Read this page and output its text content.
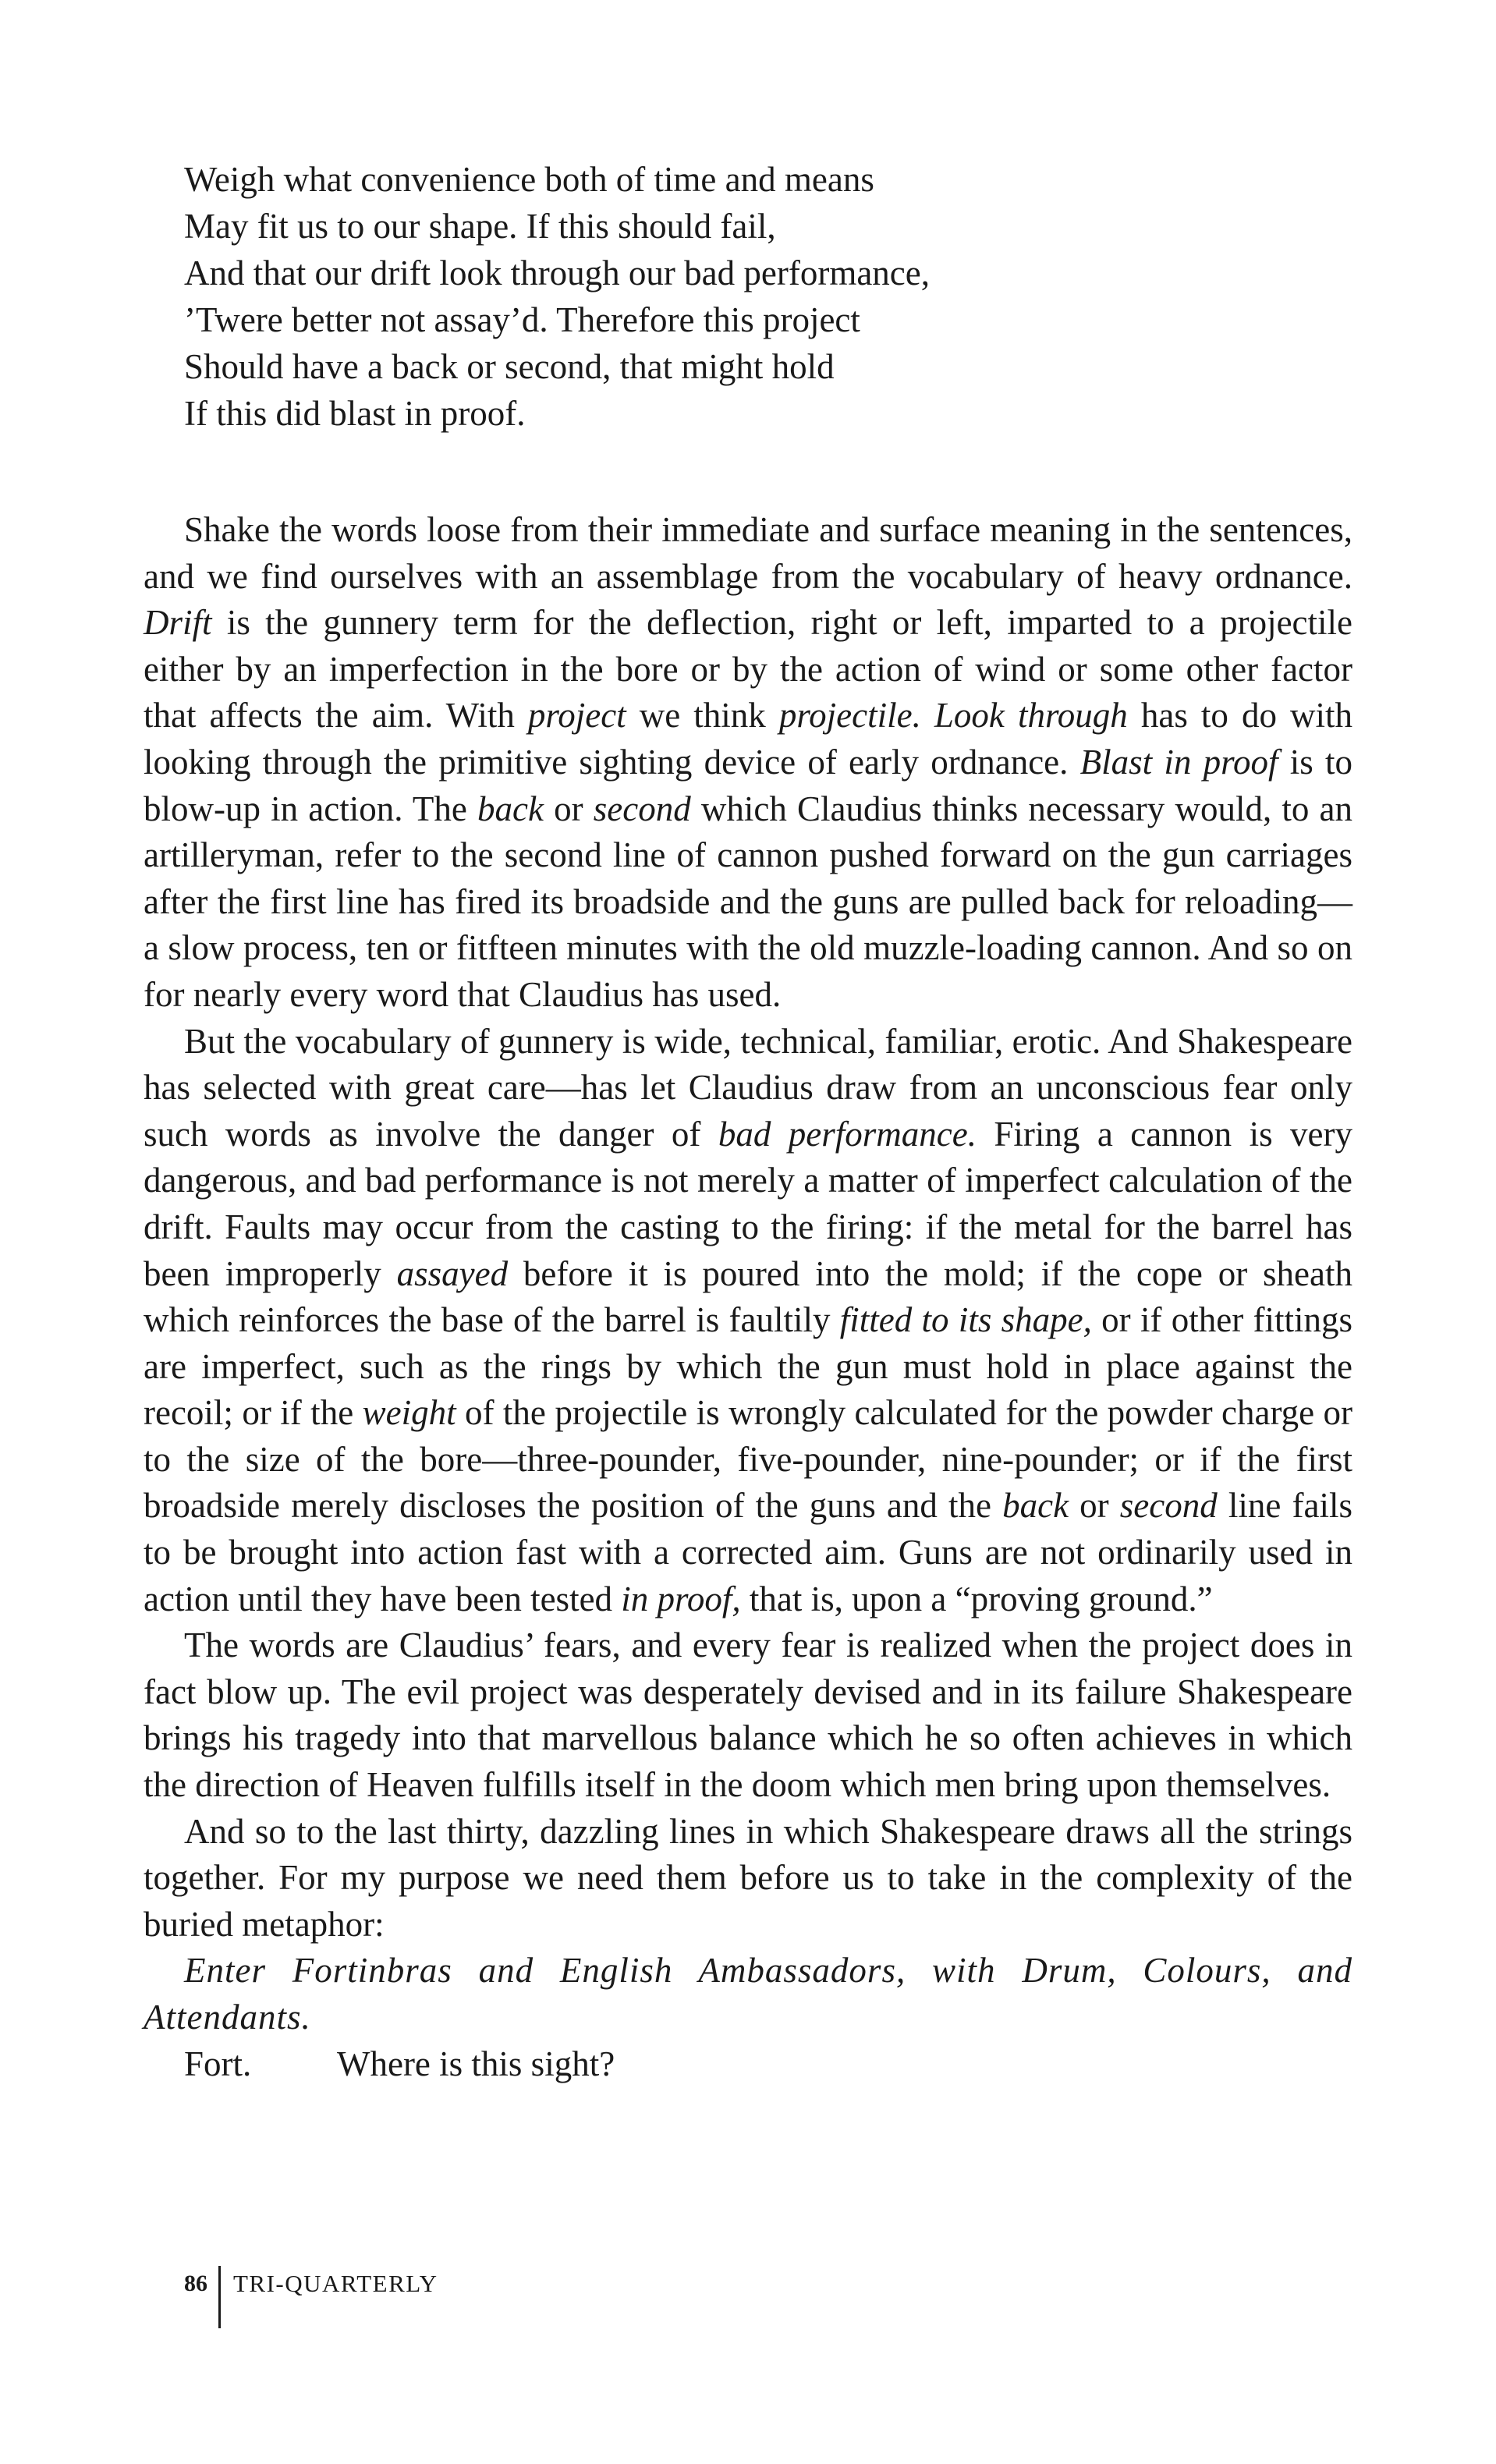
Weigh what convenience both of time and means
May fit us to our shape. If this should fail,
And that our drift look through our bad performance,
’Twere better not assay’d. Therefore this project
Should have a back or second, that might hold
If this did blast in proof.

Shake the words loose from their immediate and surface meaning in the sentences, and we find ourselves with an assemblage from the vocabulary of heavy ordnance. Drift is the gunnery term for the deflection, right or left, imparted to a projectile either by an imperfection in the bore or by the action of wind or some other factor that affects the aim. With project we think projectile. Look through has to do with looking through the primitive sighting device of early ordnance. Blast in proof is to blow-up in action. The back or second which Claudius thinks necessary would, to an artilleryman, refer to the second line of cannon pushed forward on the gun carriages after the first line has fired its broadside and the guns are pulled back for reloading—a slow process, ten or fitfteen minutes with the old muzzle-loading cannon. And so on for nearly every word that Claudius has used.

But the vocabulary of gunnery is wide, technical, familiar, erotic. And Shakespeare has selected with great care—has let Claudius draw from an unconscious fear only such words as involve the danger of bad performance. Firing a cannon is very dangerous, and bad performance is not merely a matter of imperfect calculation of the drift. Faults may occur from the casting to the firing: if the metal for the barrel has been improperly assayed before it is poured into the mold; if the cope or sheath which reinforces the base of the barrel is faultily fitted to its shape, or if other fittings are imperfect, such as the rings by which the gun must hold in place against the recoil; or if the weight of the projectile is wrongly calculated for the powder charge or to the size of the bore—three-pounder, five-pounder, nine-pounder; or if the first broadside merely discloses the position of the guns and the back or second line fails to be brought into action fast with a corrected aim. Guns are not ordinarily used in action until they have been tested in proof, that is, upon a “proving ground.”

The words are Claudius’ fears, and every fear is realized when the project does in fact blow up. The evil project was desperately devised and in its failure Shakespeare brings his tragedy into that marvellous balance which he so often achieves in which the direction of Heaven fulfills itself in the doom which men bring upon themselves.

And so to the last thirty, dazzling lines in which Shakespeare draws all the strings together. For my purpose we need them before us to take in the complexity of the buried metaphor:

Enter Fortinbras and English Ambassadors, with Drum, Colours, and Attendants.

Fort. Where is this sight?

86 TRI-QUARTERLY
